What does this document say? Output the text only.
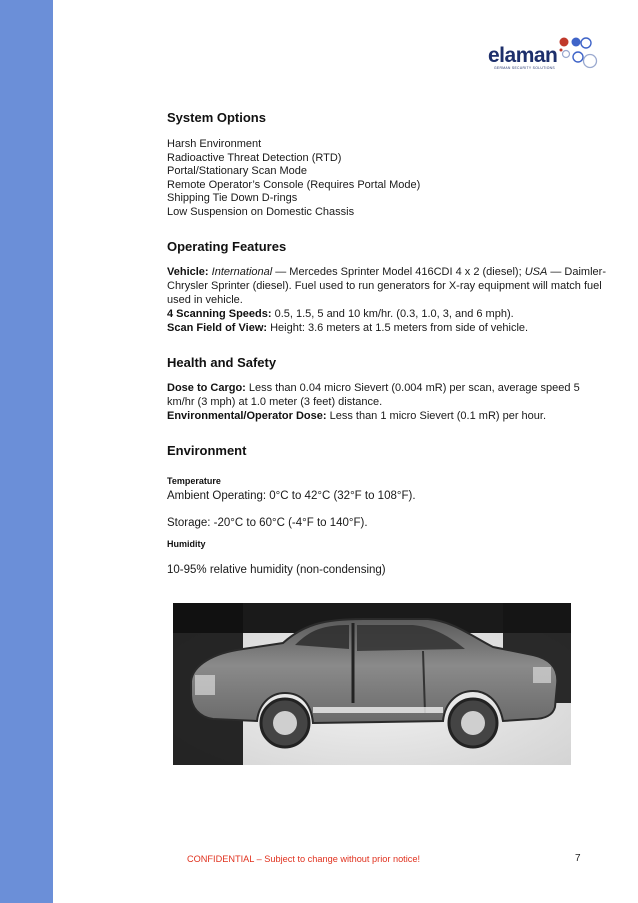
elaman
GERMAN SECURITY SOLUTIONS
System Options
Harsh Environment
Radioactive Threat Detection (RTD)
Portal/Stationary Scan Mode
Remote Operator’s Console (Requires Portal Mode)
Shipping Tie Down D-rings
Low Suspension on Domestic Chassis
Operating Features
Vehicle: International — Mercedes Sprinter Model 416CDI 4 x 2 (diesel); USA — Daimler-Chrysler Sprinter (diesel). Fuel used to run generators for X-ray equipment will match fuel used in vehicle.
4 Scanning Speeds: 0.5, 1.5, 5 and 10 km/hr. (0.3, 1.0, 3, and 6 mph).
Scan Field of View: Height: 3.6 meters at 1.5 meters from side of vehicle.
Health and Safety
Dose to Cargo: Less than 0.04 micro Sievert (0.004 mR) per scan, average speed 5 km/hr (3 mph) at 1.0 meter (3 feet) distance.
Environmental/Operator Dose: Less than 1 micro Sievert (0.1 mR) per hour.
Environment
Temperature
Ambient Operating: 0°C to 42°C (32°F to 108°F).
Storage: -20°C to 60°C (-4°F to 140°F).
Humidity
10-95% relative humidity (non-condensing)
CONFIDENTIAL – Subject to change without prior notice!	7
